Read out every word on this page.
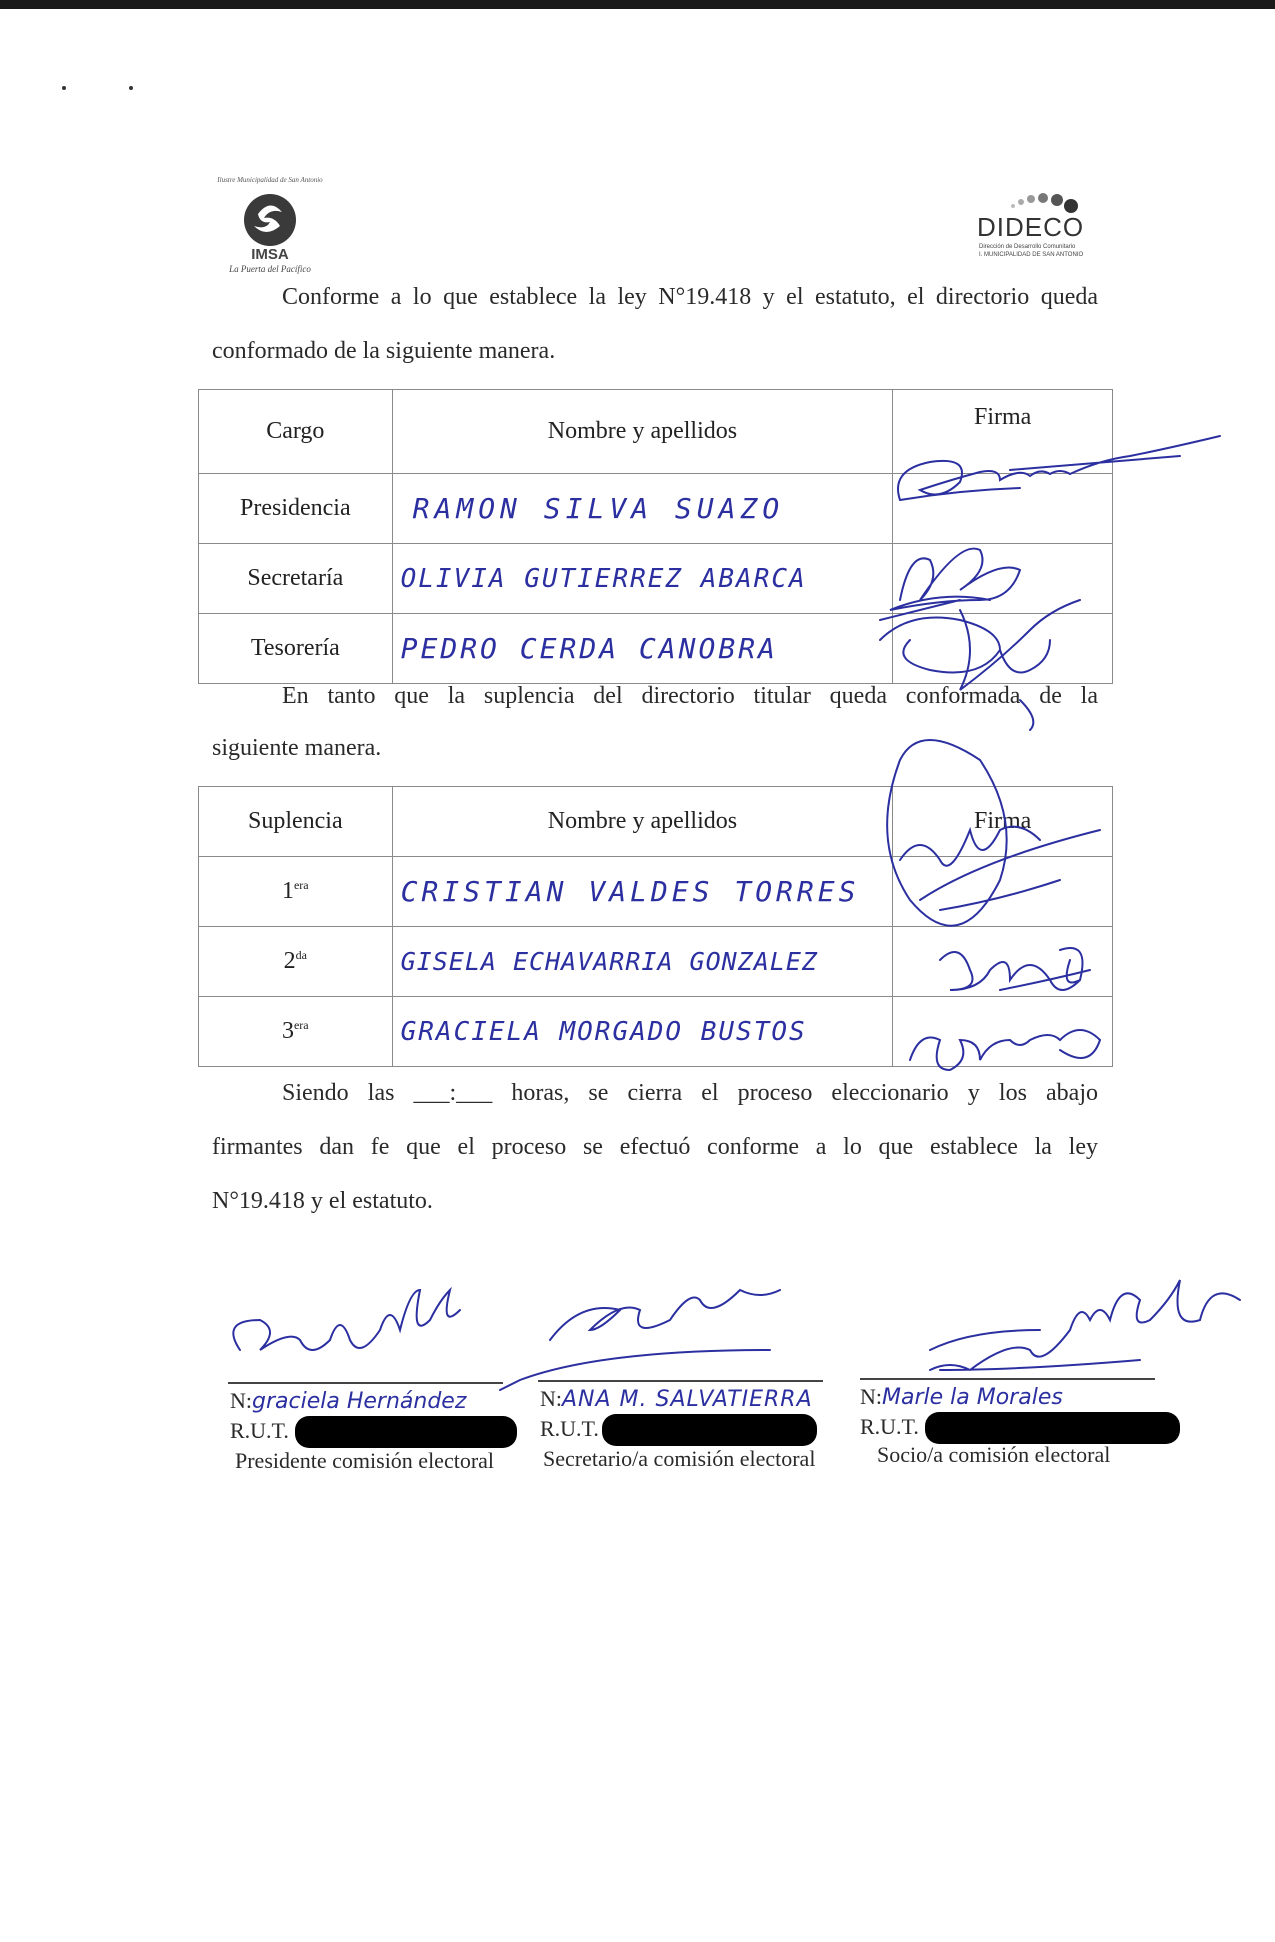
Ilustre Municipalidad de San Antonio
IMSA
La Puerta del Pacífico
DIDECO
Dirección de Desarrollo Comunitario
I. MUNICIPALIDAD DE SAN ANTONIO
Conforme a lo que establece la ley N°19.418 y el estatuto, el directorio queda
conformado de la siguiente manera.
Cargo	Nombre y apellidos	Firma
Presidencia	RAMON SILVA SUAZO	
Secretaría	OLIVIA GUTIERREZ ABARCA	
Tesorería	PEDRO CERDA CANOBRA	
En tanto que la suplencia del directorio titular queda conformada de la
siguiente manera.
Suplencia	Nombre y apellidos	Firma
$1^{era}$	CRISTIAN VALDES TORRES	
$2^{da}$	GISELA ECHAVARRIA GONZALEZ	
$3^{era}$	GRACIELA MORGADO BUSTOS	
Siendo las ___:___ horas, se cierra el proceso eleccionario y los abajo
firmantes dan fe que el proceso se efectuó conforme a lo que establece la ley
N°19.418 y el estatuto.
N:graciela Hernández
R.U.T.
Presidente comisión electoral
N:ANA M. SALVATIERRA
R.U.T.
Secretario/a comisión electoral
N:Marle la Morales
R.U.T.
Socio/a comisión electoral
